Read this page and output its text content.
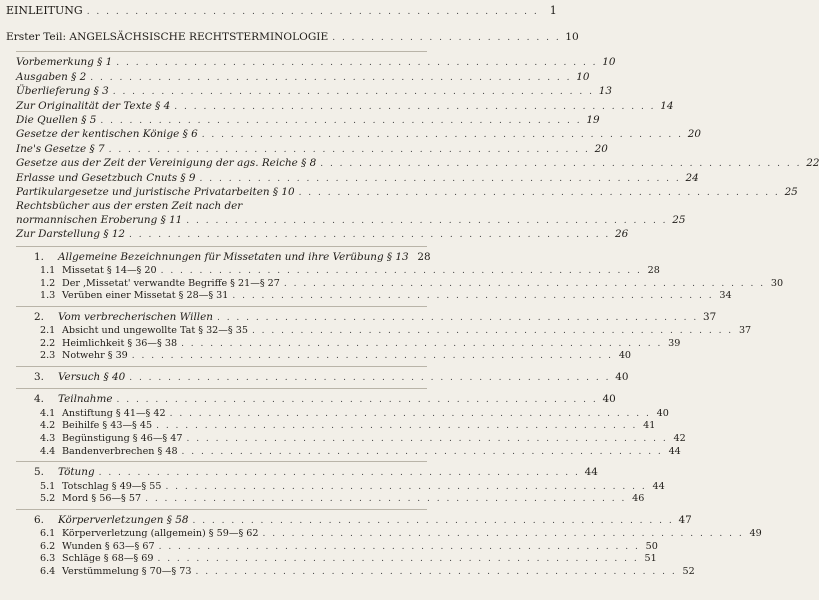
EINLEITUNG . . . . . . . . . . . . . . . . . . . . . . . . . . . . . . . . . . . . . . . . . . . . . . .	1
Erster Teil: ANGELSÄCHSISCHE RECHTSTERMINOLOGIE . . . . . . . . . . . . . . . . . . . . . . . . 10
Vorbemerkung § 1 . . . . . . . . . . . . . . . . . . . . . . . . . . . . . . . . . . . . . . . . . . . . . . . . . . 10
Ausgaben § 2 . . . . . . . . . . . . . . . . . . . . . . . . . . . . . . . . . . . . . . . . . . . . . . . . . . 10
Überlieferung § 3 . . . . . . . . . . . . . . . . . . . . . . . . . . . . . . . . . . . . . . . . . . . . . . . . . . 13
Zur Originalität der Texte § 4 . . . . . . . . . . . . . . . . . . . . . . . . . . . . . . . . . . . . . . . . . . . . . . . . . . 14
Die Quellen § 5 . . . . . . . . . . . . . . . . . . . . . . . . . . . . . . . . . . . . . . . . . . . . . . . . . . 19
Gesetze der kentischen Könige § 6 . . . . . . . . . . . . . . . . . . . . . . . . . . . . . . . . . . . . . . . . . . . . . . . . . . 20
Ine's Gesetze § 7 . . . . . . . . . . . . . . . . . . . . . . . . . . . . . . . . . . . . . . . . . . . . . . . . . . 20
Gesetze aus der Zeit der Vereinigung der ags. Reiche § 8 . . . . . . . . . . . . . . . . . . . . . . . . . . . . . . . . . . . . . . . . . . . . . . . . . . 22
Erlasse und Gesetzbuch Cnuts § 9 . . . . . . . . . . . . . . . . . . . . . . . . . . . . . . . . . . . . . . . . . . . . . . . . . . 24
Partikulargesetze und juristische Privatarbeiten § 10 . . . . . . . . . . . . . . . . . . . . . . . . . . . . . . . . . . . . . . . . . . . . . . . . . . 25
Rechtsbücher aus der ersten Zeit nach der
normannischen Eroberung § 11 . . . . . . . . . . . . . . . . . . . . . . . . . . . . . . . . . . . . . . . . . . . . . . . . . . 25
Zur Darstellung § 12 . . . . . . . . . . . . . . . . . . . . . . . . . . . . . . . . . . . . . . . . . . . . . . . . . . 26
1. Allgemeine Bezeichnungen für Missetaten und ihre Verübung § 13 28
1.1 Missetat § 14—§ 20 . . . . . . . . . . . . . . . . . . . . . . . . . . . . . . . . . . . . . . . . . . . . . . . . . . 28
1.2 Der ‚Missetat' verwandte Begriffe § 21—§ 27 . . . . . . . . . . . . . . . . . . . . . . . . . . . . . . . . . . . . . . . . . . . . . . . . . . 30
1.3 Verüben einer Missetat § 28—§ 31 . . . . . . . . . . . . . . . . . . . . . . . . . . . . . . . . . . . . . . . . . . . . . . . . . . 34
2. Vom verbrecherischen Willen . . . . . . . . . . . . . . . . . . . . . . . . . . . . . . . . . . . . . . . . . . . . . . . . . . 37
2.1 Absicht und ungewollte Tat § 32—§ 35 . . . . . . . . . . . . . . . . . . . . . . . . . . . . . . . . . . . . . . . . . . . . . . . . . . 37
2.2 Heimlichkeit § 36—§ 38 . . . . . . . . . . . . . . . . . . . . . . . . . . . . . . . . . . . . . . . . . . . . . . . . . . 39
2.3 Notwehr § 39 . . . . . . . . . . . . . . . . . . . . . . . . . . . . . . . . . . . . . . . . . . . . . . . . . . 40
3. Versuch § 40 . . . . . . . . . . . . . . . . . . . . . . . . . . . . . . . . . . . . . . . . . . . . . . . . . . 40
4. Teilnahme . . . . . . . . . . . . . . . . . . . . . . . . . . . . . . . . . . . . . . . . . . . . . . . . . . 40
4.1 Anstiftung § 41—§ 42 . . . . . . . . . . . . . . . . . . . . . . . . . . . . . . . . . . . . . . . . . . . . . . . . . . 40
4.2 Beihilfe § 43—§ 45 . . . . . . . . . . . . . . . . . . . . . . . . . . . . . . . . . . . . . . . . . . . . . . . . . . 41
4.3 Begünstigung § 46—§ 47 . . . . . . . . . . . . . . . . . . . . . . . . . . . . . . . . . . . . . . . . . . . . . . . . . . 42
4.4 Bandenverbrechen § 48 . . . . . . . . . . . . . . . . . . . . . . . . . . . . . . . . . . . . . . . . . . . . . . . . . . 44
5. Tötung . . . . . . . . . . . . . . . . . . . . . . . . . . . . . . . . . . . . . . . . . . . . . . . . . . 44
5.1 Totschlag § 49—§ 55 . . . . . . . . . . . . . . . . . . . . . . . . . . . . . . . . . . . . . . . . . . . . . . . . . . 44
5.2 Mord § 56—§ 57 . . . . . . . . . . . . . . . . . . . . . . . . . . . . . . . . . . . . . . . . . . . . . . . . . . 46
6. Körperverletzungen § 58 . . . . . . . . . . . . . . . . . . . . . . . . . . . . . . . . . . . . . . . . . . . . . . . . . . 47
6.1 Körperverletzung (allgemein) § 59—§ 62 . . . . . . . . . . . . . . . . . . . . . . . . . . . . . . . . . . . . . . . . . . . . . . . . . . 49
6.2 Wunden § 63—§ 67 . . . . . . . . . . . . . . . . . . . . . . . . . . . . . . . . . . . . . . . . . . . . . . . . . . 50
6.3 Schläge § 68—§ 69 . . . . . . . . . . . . . . . . . . . . . . . . . . . . . . . . . . . . . . . . . . . . . . . . . . 51
6.4 Verstümmelung § 70—§ 73 . . . . . . . . . . . . . . . . . . . . . . . . . . . . . . . . . . . . . . . . . . . . . . . . . . 52
